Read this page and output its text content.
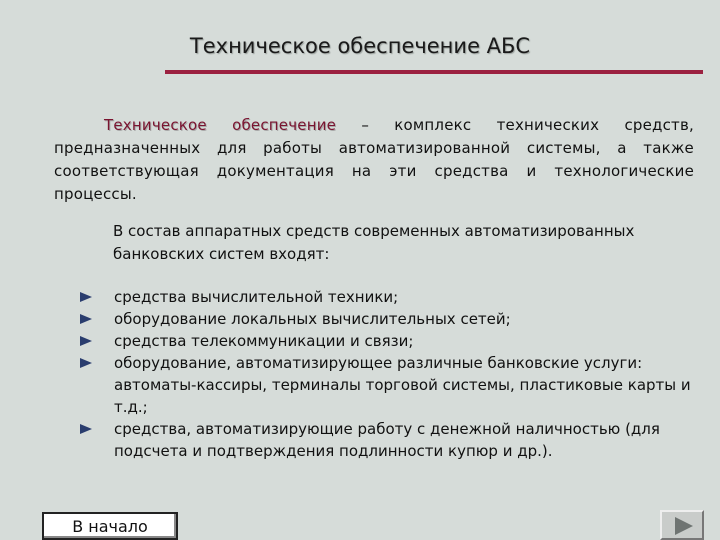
Техническое обеспечение АБС

Техническое обеспечение – комплекс технических средств, предназначенных для работы автоматизированной системы, а также соответствующая документация на эти средства и технологические процессы.

В состав аппаратных средств современных автоматизированных банковских систем входят:

средства вычислительной техники;
оборудование локальных вычислительных сетей;
средства телекоммуникации и связи;
оборудование, автоматизирующее различные банковские услуги: автоматы-кассиры, терминалы торговой системы, пластиковые карты и т.д.;
средства, автоматизирующие работу с денежной наличностью (для подсчета и подтверждения подлинности купюр и др.).
В начало
